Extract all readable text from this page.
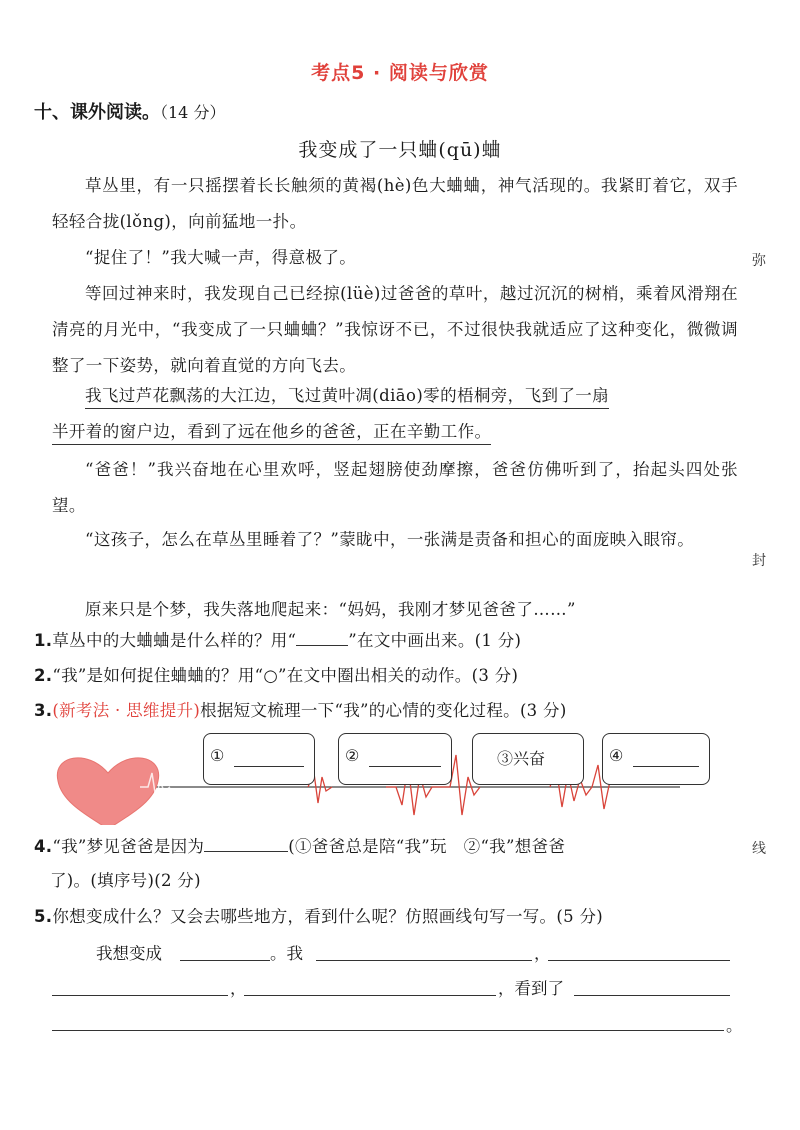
考点5 · 阅读与欣赏
十、课外阅读。（14 分）
我变成了一只蛐(qū)蛐
草丛里，有一只摇摆着长长触须的黄褐(hè)色大蛐蛐，神气活现的。我紧盯着它，双手轻轻合拢(lǒng)，向前猛地一扑。
“捉住了！”我大喊一声，得意极了。
等回过神来时，我发现自己已经掠(lüè)过爸爸的草叶，越过沉沉的树梢，乘着风滑翔在清亮的月光中，“我变成了一只蛐蛐？”我惊讶不已，不过很快我就适应了这种变化，微微调整了一下姿势，就向着直觉的方向飞去。
我飞过芦花飘荡的大江边，飞过黄叶凋(diāo)零的梧桐旁，飞到了一扇
半开着的窗户边，看到了远在他乡的爸爸，正在辛勤工作。
“爸爸！”我兴奋地在心里欢呼，竖起翅膀使劲摩擦，爸爸仿佛听到了，抬起头四处张望。
“这孩子，怎么在草丛里睡着了？”蒙眬中，一张满是责备和担心的面庞映入眼帘。
原来只是个梦，我失落地爬起来：“妈妈，我刚才梦见爸爸了……”
1.草丛中的大蛐蛐是什么样的？用“	”在文中画出来。(1 分)
2.“我”是如何捉住蛐蛐的？用“○”在文中圈出相关的动作。(3 分)
3.(新考法 · 思维提升)根据短文梳理一下“我”的心情的变化过程。(3 分)
①	②	③兴奋	④
4.“我”梦见爸爸是因为	(①爸爸总是陪“我”玩　②“我”想爸爸
了)。(填序号)(2 分)
5.你想变成什么？又会去哪些地方，看到什么呢？仿照画线句写一写。(5 分)
我想变成	。我	，
，	，看到了
。
弥
封
线
